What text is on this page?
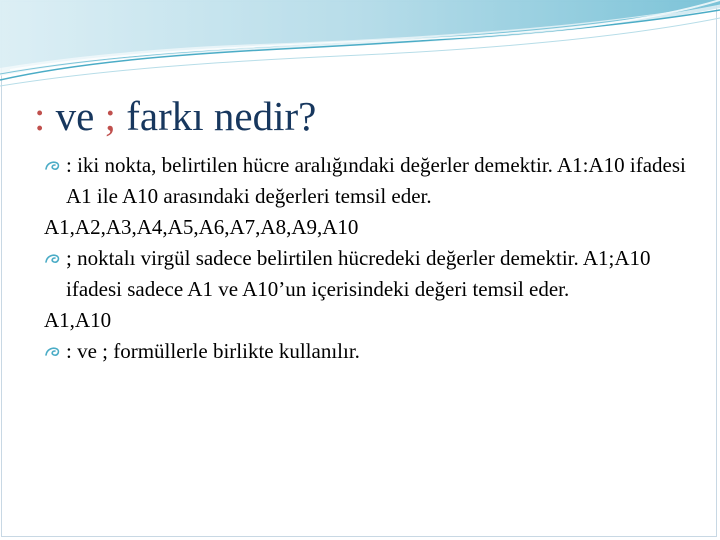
: ve ; farkı nedir?
: iki nokta, belirtilen hücre aralığındaki değerler demektir. A1:A10 ifadesi A1 ile A10 arasındaki değerleri temsil eder.
A1,A2,A3,A4,A5,A6,A7,A8,A9,A10
; noktalı virgül sadece belirtilen hücredeki değerler demektir. A1;A10 ifadesi sadece A1 ve A10’un içerisindeki değeri temsil eder.
A1,A10
: ve ; formüllerle birlikte kullanılır.
